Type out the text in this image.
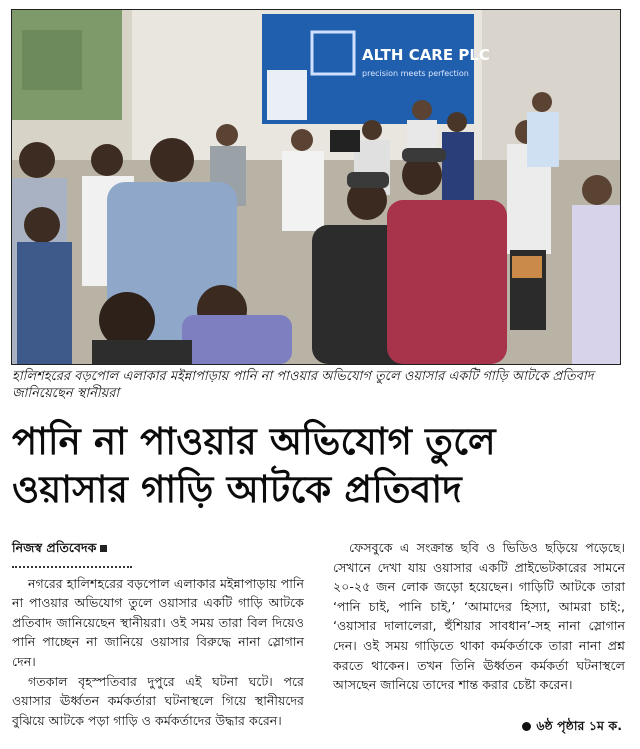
ALTH CARE PLC
precision meets perfection
হালিশহরের বড়পোল এলাকার মইন্নাপাড়ায় পানি না পাওয়ার অভিযোগ তুলে ওয়াসার একটি গাড়ি আটকে প্রতিবাদ জানিয়েছেন স্থানীয়রা
পানি না পাওয়ার অভিযোগ তুলে
ওয়াসার গাড়ি আটকে প্রতিবাদ
নিজস্ব প্রতিবেদক

নগরের হালিশহরের বড়পোল এলাকার মইন্নাপাড়ায় পানি না পাওয়ার অভিযোগ তুলে ওয়াসার একটি গাড়ি আটকে প্রতিবাদ জানিয়েছেন স্থানীয়রা। ওই সময় তারা বিল দিয়েও পানি পাচ্ছেন না জানিয়ে ওয়াসার বিরুদ্ধে নানা স্লোগান দেন।

গতকাল বৃহস্পতিবার দুপুরে এই ঘটনা ঘটে। পরে ওয়াসার ঊর্ধ্বতন কর্মকর্তারা ঘটনাস্থলে গিয়ে স্থানীয়দের বুঝিয়ে আটকে পড়া গাড়ি ও কর্মকর্তাদের উদ্ধার করেন।

ফেসবুকে এ সংক্রান্ত ছবি ও ভিডিও ছড়িয়ে পড়েছে। সেখানে দেখা যায় ওয়াসার একটি প্রাইভেটকারের সামনে ২০-২৫ জন লোক জড়ো হয়েছেন। গাড়িটি আটকে তারা ‘পানি চাই, পানি চাই,’ ‘আমাদের হিস্যা, আমরা চাই:, ‘ওয়াসার দালালেরা, হুঁশিয়ার সাবধান’-সহ নানা স্লোগান দেন। ওই সময় গাড়িতে থাকা কর্মকর্তাকে তারা নানা প্রশ্ন করতে থাকেন। তখন তিনি ঊর্ধ্বতন কর্মকর্তা ঘটনাস্থলে আসছেন জানিয়ে তাদের শান্ত করার চেষ্টা করেন।

৬ষ্ঠ পৃষ্ঠার ১ম ক.
